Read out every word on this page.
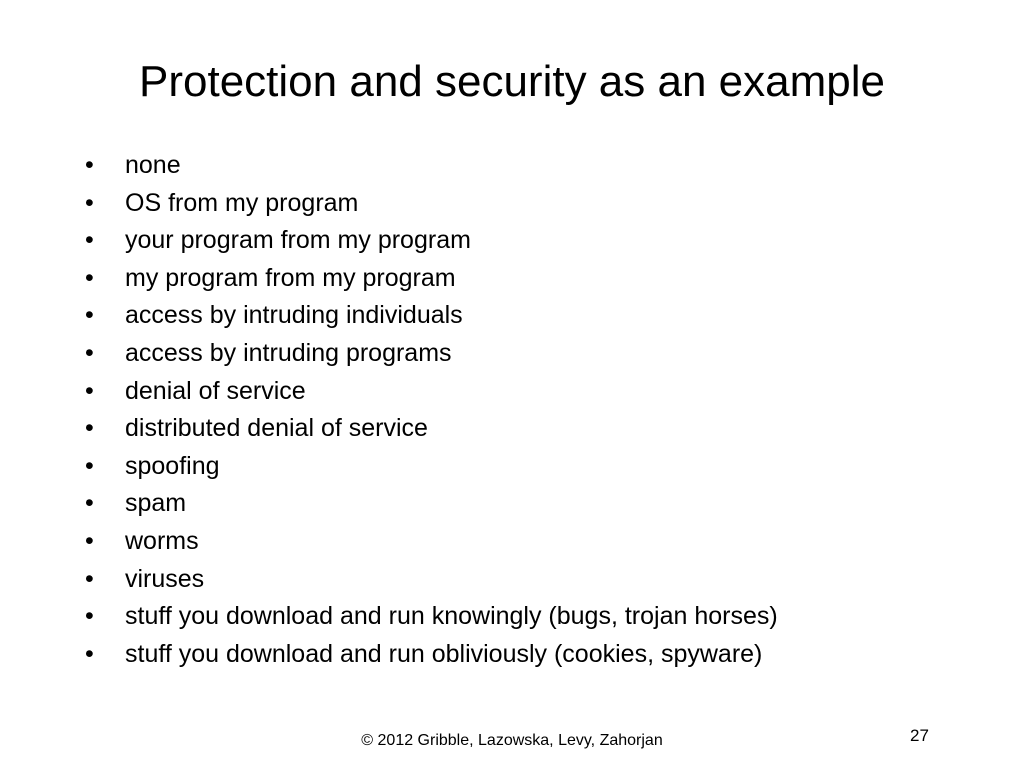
Protection and security as an example
•	none
•	OS from my program
•	your program from my program
•	my program from my program
•	access by intruding individuals
•	access by intruding programs
•	denial of service
•	distributed denial of service
•	spoofing
•	spam
•	worms
•	viruses
•	stuff you download and run knowingly (bugs, trojan horses)
•	stuff you download and run obliviously (cookies, spyware)
© 2012 Gribble, Lazowska, Levy, Zahorjan	27
